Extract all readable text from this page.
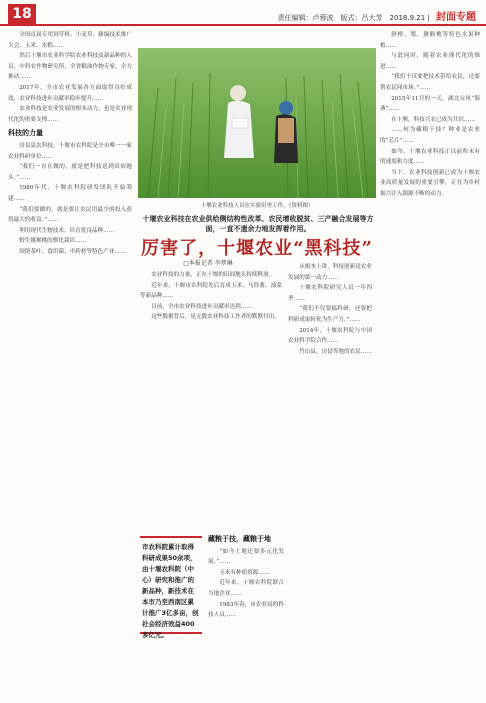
18	责任编辑：卢蓉波　版式：吕大芳　2018.9.21 | 封面专题

全国首届专用饲草料、小麦草、藤编技术推广大会，玉米、水稻……

然后十堰市农业科学院农业科技及新品种的人员，中科农作物研究所，全省粮油作物专家，全力推动……

2017年，全市农业发展各方面取得良好成效，农业科技进步贡献率稳步提升……

农业科技是农业发展的根本动力，也是农业现代化的重要支撑……

科技的力量

房县县农科技，十堰市农科院是全市唯一一家农业科研单位……

“我们一直在做的，就是把科技送到田间地头。”……

1980年代，十堰农科院研发团队开始筹建……

“我们要做的，就是要让农民用最少的投入获得最大的收益。”……

利用现代生物技术，培育优良品种……

野生猕猴桃的驯化栽培……

围绕茶叶、食用菌、中药材等特色产业……

十堰农业科技人员在实验田里工作。（资料图）
十堰农业科技在农业供给侧结构性改革、农民增收脱贫、三产融合发展等方面，一直不遗余力地发挥着作用。
厉害了，十堰农业“黑科技”
□本报记者 李梦琳

农业科技的力量，正在十堰的田间地头持续释放。

近年来，十堰市农科院先后育成玉米、马铃薯、油菜等新品种……

目前，全市农业科技进步贡献率达到……

这些数据背后，是无数农业科技工作者的默默付出。

市农科院累计取得科研成果50余项，由十堰农科院（中心）研究和推广的新品种，新技术在本市乃至西南区累计推广3亿多亩，创社会经济效益400多亿元。

藏粮于技，藏粮于地

“如今土地还要多元化发展。”……

玉米有种质资源……

近年来，十堰农科院联合当地企业……

1983年春，市农业局的科技人员……

从根本上讲，科技创新是农业发展的第一动力……

十堰农科院研究人员一年四季……

“我们不仅要搞科研，还要把科研成果转化为生产力。”……

2014年，十堰农科院与中国农业科学院合作……

竹山县、房县等地的农民……

脐橙、梨、猕猴桃等特色水果种植……

与此同时，随着农业现代化的推进……

“我们不仅要把技术带给农民，还要帮农民闯市场。”……

2015年11月的一天，湖北台风“海燕”……

在十堰，科技兴农已成为共识……

……何为藏粮于技？种业是农业的“芯片”……

如今，十堰农业科技正以前所未有的速度和力度……

当下，农业科技创新已成为十堰农业高质量发展的重要引擎，正在为乡村振兴注入源源不断的动力。
